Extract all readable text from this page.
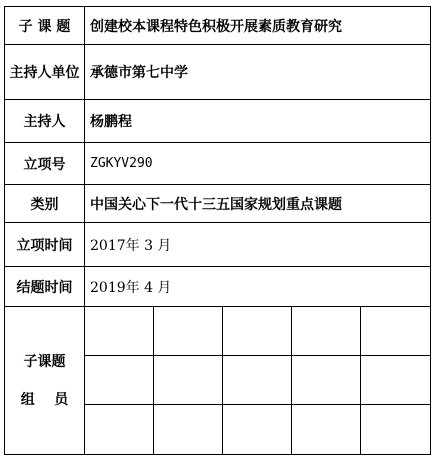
子 课 题	创建校本课程特色积极开展素质教育研究
主持人单位 承德市第七中学
主持人	杨鹏程
立项号	ZGKYV290
类别	中国关心下一代十三五国家规划重点课题
立项时间	2017年 3 月
结题时间	2019年 4 月
子课题
组    员
